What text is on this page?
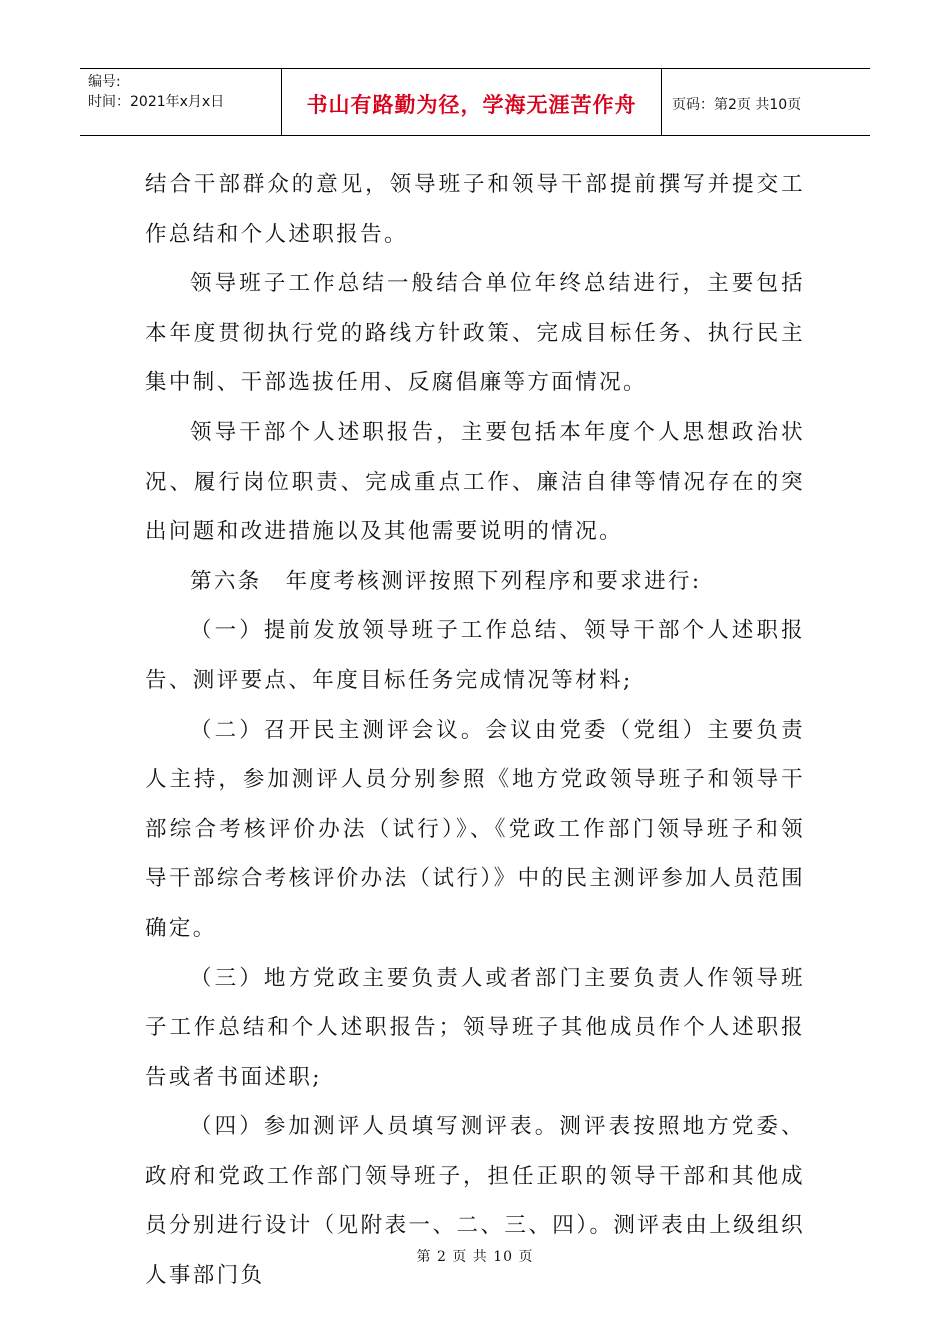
编号:
时间：2021年x月x日	书山有路勤为径，学海无涯苦作舟	页码：第2页 共10页

结合干部群众的意见，领导班子和领导干部提前撰写并提交工作总结和个人述职报告。

领导班子工作总结一般结合单位年终总结进行，主要包括本年度贯彻执行党的路线方针政策、完成目标任务、执行民主集中制、干部选拔任用、反腐倡廉等方面情况。

领导干部个人述职报告，主要包括本年度个人思想政治状况、履行岗位职责、完成重点工作、廉洁自律等情况存在的突出问题和改进措施以及其他需要说明的情况。

第六条　年度考核测评按照下列程序和要求进行:

（一）提前发放领导班子工作总结、领导干部个人述职报告、测评要点、年度目标任务完成情况等材料;

（二）召开民主测评会议。会议由党委（党组）主要负责人主持，参加测评人员分别参照《地方党政领导班子和领导干部综合考核评价办法（试行）》、《党政工作部门领导班子和领导干部综合考核评价办法（试行）》中的民主测评参加人员范围确定。

（三）地方党政主要负责人或者部门主要负责人作领导班子工作总结和个人述职报告；领导班子其他成员作个人述职报告或者书面述职;

（四）参加测评人员填写测评表。测评表按照地方党委、政府和党政工作部门领导班子，担任正职的领导干部和其他成员分别进行设计（见附表一、二、三、四）。测评表由上级组织人事部门负

第 2 页 共 10 页
